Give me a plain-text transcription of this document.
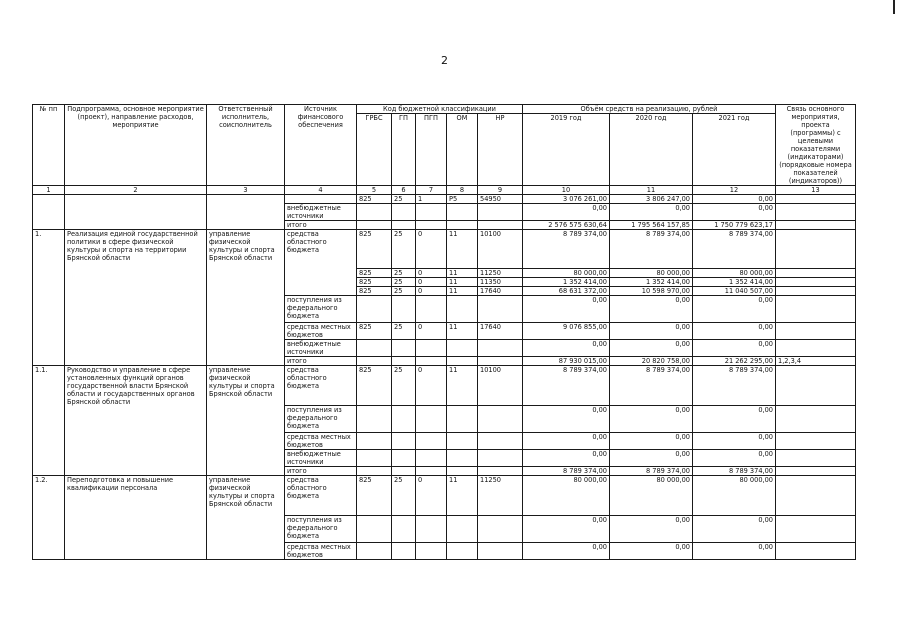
2
№ пп	Подпрограмма, основное мероприятие (проект), направление расходов, мероприятие	Ответственный исполнитель, соисполнитель	Источник финансового обеспечения	Код бюджетной классификации					Объём средств на реализацию, рублей			Связь основного мероприятия, проекта (программы) с целевыми показателями (индикаторами) (порядковые номера показателей (индикаторов))
				ГРБС	ГП	ПГП	ОМ	НР	2019 год	2020 год	2021 год	
1	2	3	4	5	6	7	8	9	10	11	12	13
				825	25	1	P5	54950	3 076 261,00	3 806 247,00	0,00	
			внебюджетные источники						0,00	0,00	0,00	
			итого						2 576 575 630,64	1 795 564 157,85	1 750 779 623,17	
1.	Реализация единой государственной политики в сфере физической культуры и спорта на территории Брянской области	управление физической культуры и спорта Брянской области	средства областного бюджета	825	25	0	11	10100	8 789 374,00	8 789 374,00	8 789 374,00	
				825	25	0	11	11250	80 000,00	80 000,00	80 000,00	
				825	25	0	11	11350	1 352 414,00	1 352 414,00	1 352 414,00	
				825	25	0	11	17640	68 631 372,00	10 598 970,00	11 040 507,00	
			поступления из федерального бюджета						0,00	0,00	0,00	
			средства местных бюджетов	825	25	0	11	17640	9 076 855,00	0,00	0,00	
			внебюджетные источники						0,00	0,00	0,00	
			итого						87 930 015,00	20 820 758,00	21 262 295,00	1,2,3,4
1.1.	Руководство и управление в сфере установленных функций органов государственной власти Брянской области и государственных органов Брянской области	управление физической культуры и спорта Брянской области	средства областного бюджета	825	25	0	11	10100	8 789 374,00	8 789 374,00	8 789 374,00	
			поступления из федерального бюджета						0,00	0,00	0,00	
			средства местных бюджетов						0,00	0,00	0,00	
			внебюджетные источники						0,00	0,00	0,00	
			итого						8 789 374,00	8 789 374,00	8 789 374,00	
1.2.	Переподготовка и повышение квалификации персонала	управление физической культуры и спорта Брянской области	средства областного бюджета	825	25	0	11	11250	80 000,00	80 000,00	80 000,00	
			поступления из федерального бюджета						0,00	0,00	0,00	
			средства местных бюджетов						0,00	0,00	0,00	
